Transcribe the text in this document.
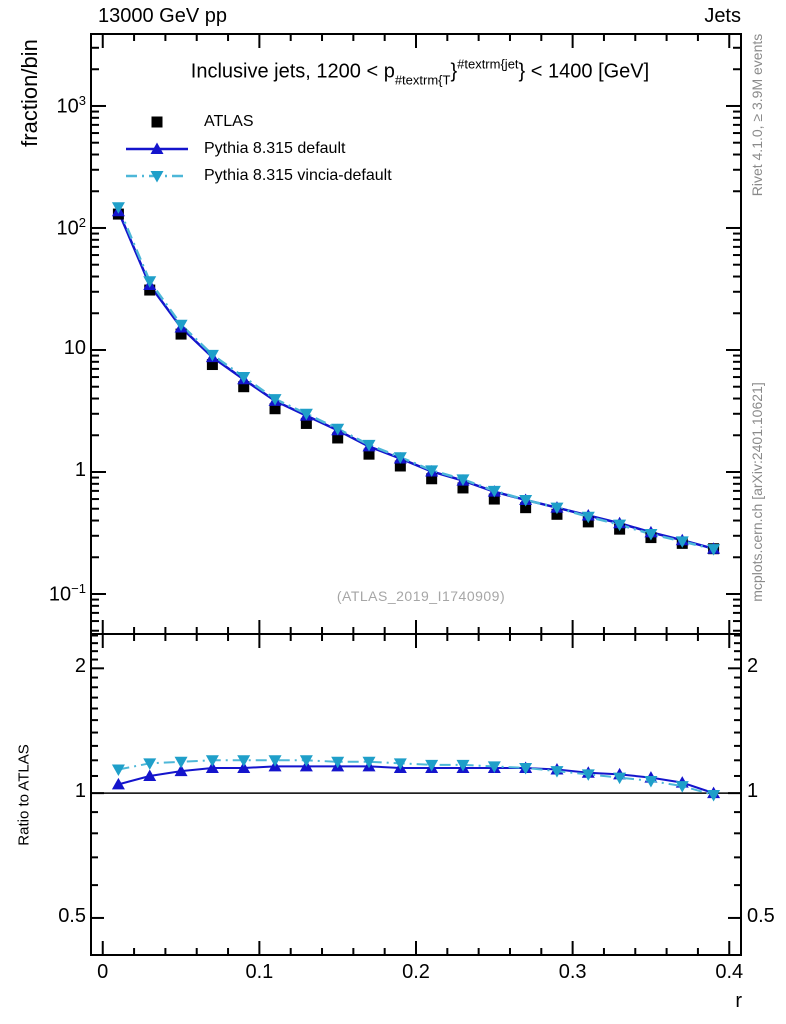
13000 GeV pp	Jets
Inclusive jets, $1200 < p_{\#textrm\{T}\}^{\#textrm\{jet}\} < 1400$ [GeV]
fraction/bin
Ratio to ATLAS
r
(ATLAS_2019_I1740909)
Rivet 4.1.0, ≥ 3.9M events
mcplots.cern.ch [arXiv:2401.10621]
ATLAS
Pythia 8.315 default
Pythia 8.315 vincia-default
$10^3$
$10^2$
10
1
$10^{-1}$
2	2
1	1
0.5	0.5
0	0.1	0.2	0.3	0.4
